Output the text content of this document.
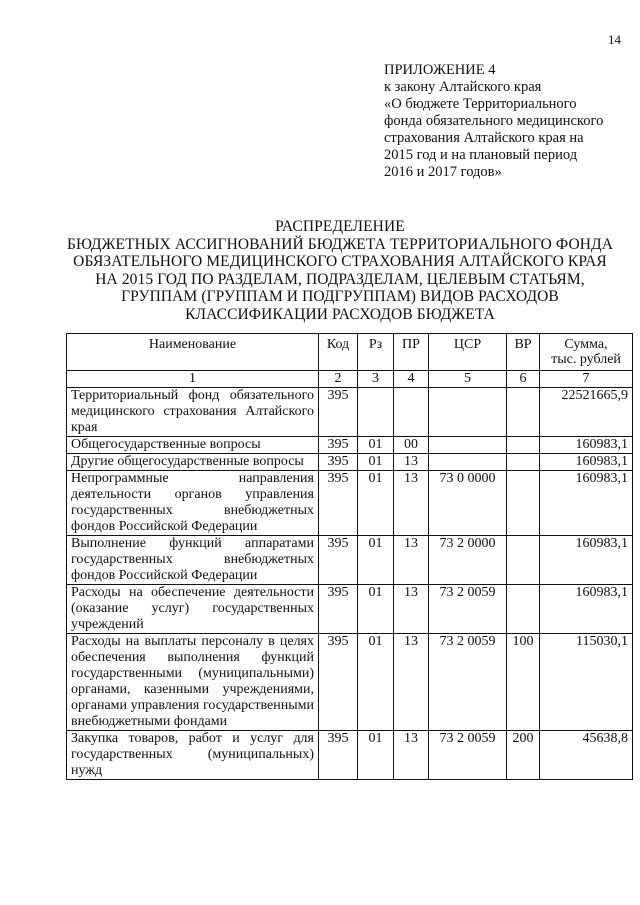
14
ПРИЛОЖЕНИЕ 4
к закону Алтайского края
«О бюджете Территориального
фонда обязательного медицинского
страхования Алтайского края на
2015 год и на плановый период
2016 и 2017 годов»
РАСПРЕДЕЛЕНИЕ
БЮДЖЕТНЫХ АССИГНОВАНИЙ БЮДЖЕТА ТЕРРИТОРИАЛЬНОГО ФОНДА
ОБЯЗАТЕЛЬНОГО МЕДИЦИНСКОГО СТРАХОВАНИЯ АЛТАЙСКОГО КРАЯ
НА 2015 ГОД ПО РАЗДЕЛАМ, ПОДРАЗДЕЛАМ, ЦЕЛЕВЫМ СТАТЬЯМ,
ГРУППАМ (ГРУППАМ И ПОДГРУППАМ) ВИДОВ РАСХОДОВ
КЛАССИФИКАЦИИ РАСХОДОВ БЮДЖЕТА
Наименование	Код	Рз	ПР	ЦСР	ВР	Сумма,
тыс. рублей

1	2	3	4	5	6	7
Территориальный фонд обязательного медицинского страхования Алтайского края	395					22521665,9
Общегосударственные вопросы	395	01	00			160983,1
Другие общегосударственные вопросы	395	01	13			160983,1
Непрограммные направления деятельности органов управления государственных внебюджетных фондов Российской Федерации	395	01	13	73 0 0000		160983,1
Выполнение функций аппаратами государственных внебюджетных фондов Российской Федерации	395	01	13	73 2 0000		160983,1
Расходы на обеспечение деятельности (оказание услуг) государственных учреждений	395	01	13	73 2 0059		160983,1
Расходы на выплаты персоналу в целях обеспечения выполнения функций государственными (муниципальными) органами, казенными учреждениями, органами управления государственными внебюджетными фондами	395	01	13	73 2 0059	100	115030,1
Закупка товаров, работ и услуг для государственных (муниципальных) нужд	395	01	13	73 2 0059	200	45638,8
